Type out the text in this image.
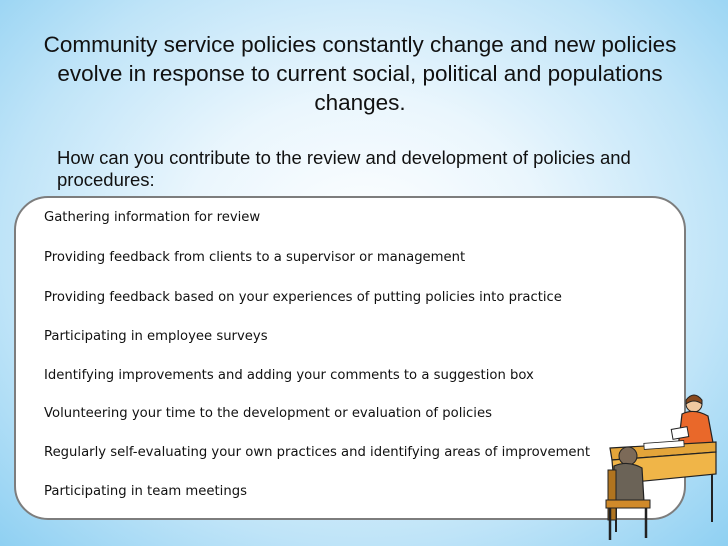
Community service policies constantly change and new policies evolve in response to current social, political and populations changes.
How can you contribute to the review and development of policies and procedures:
Gathering information for review
Providing feedback from clients to a supervisor or management
Providing feedback based on your experiences of putting policies into practice
Participating in employee surveys
Identifying improvements and adding your comments to a suggestion box
Volunteering your time to the development or evaluation of policies
Regularly self-evaluating your own practices and identifying areas of improvement
Participating in team meetings
